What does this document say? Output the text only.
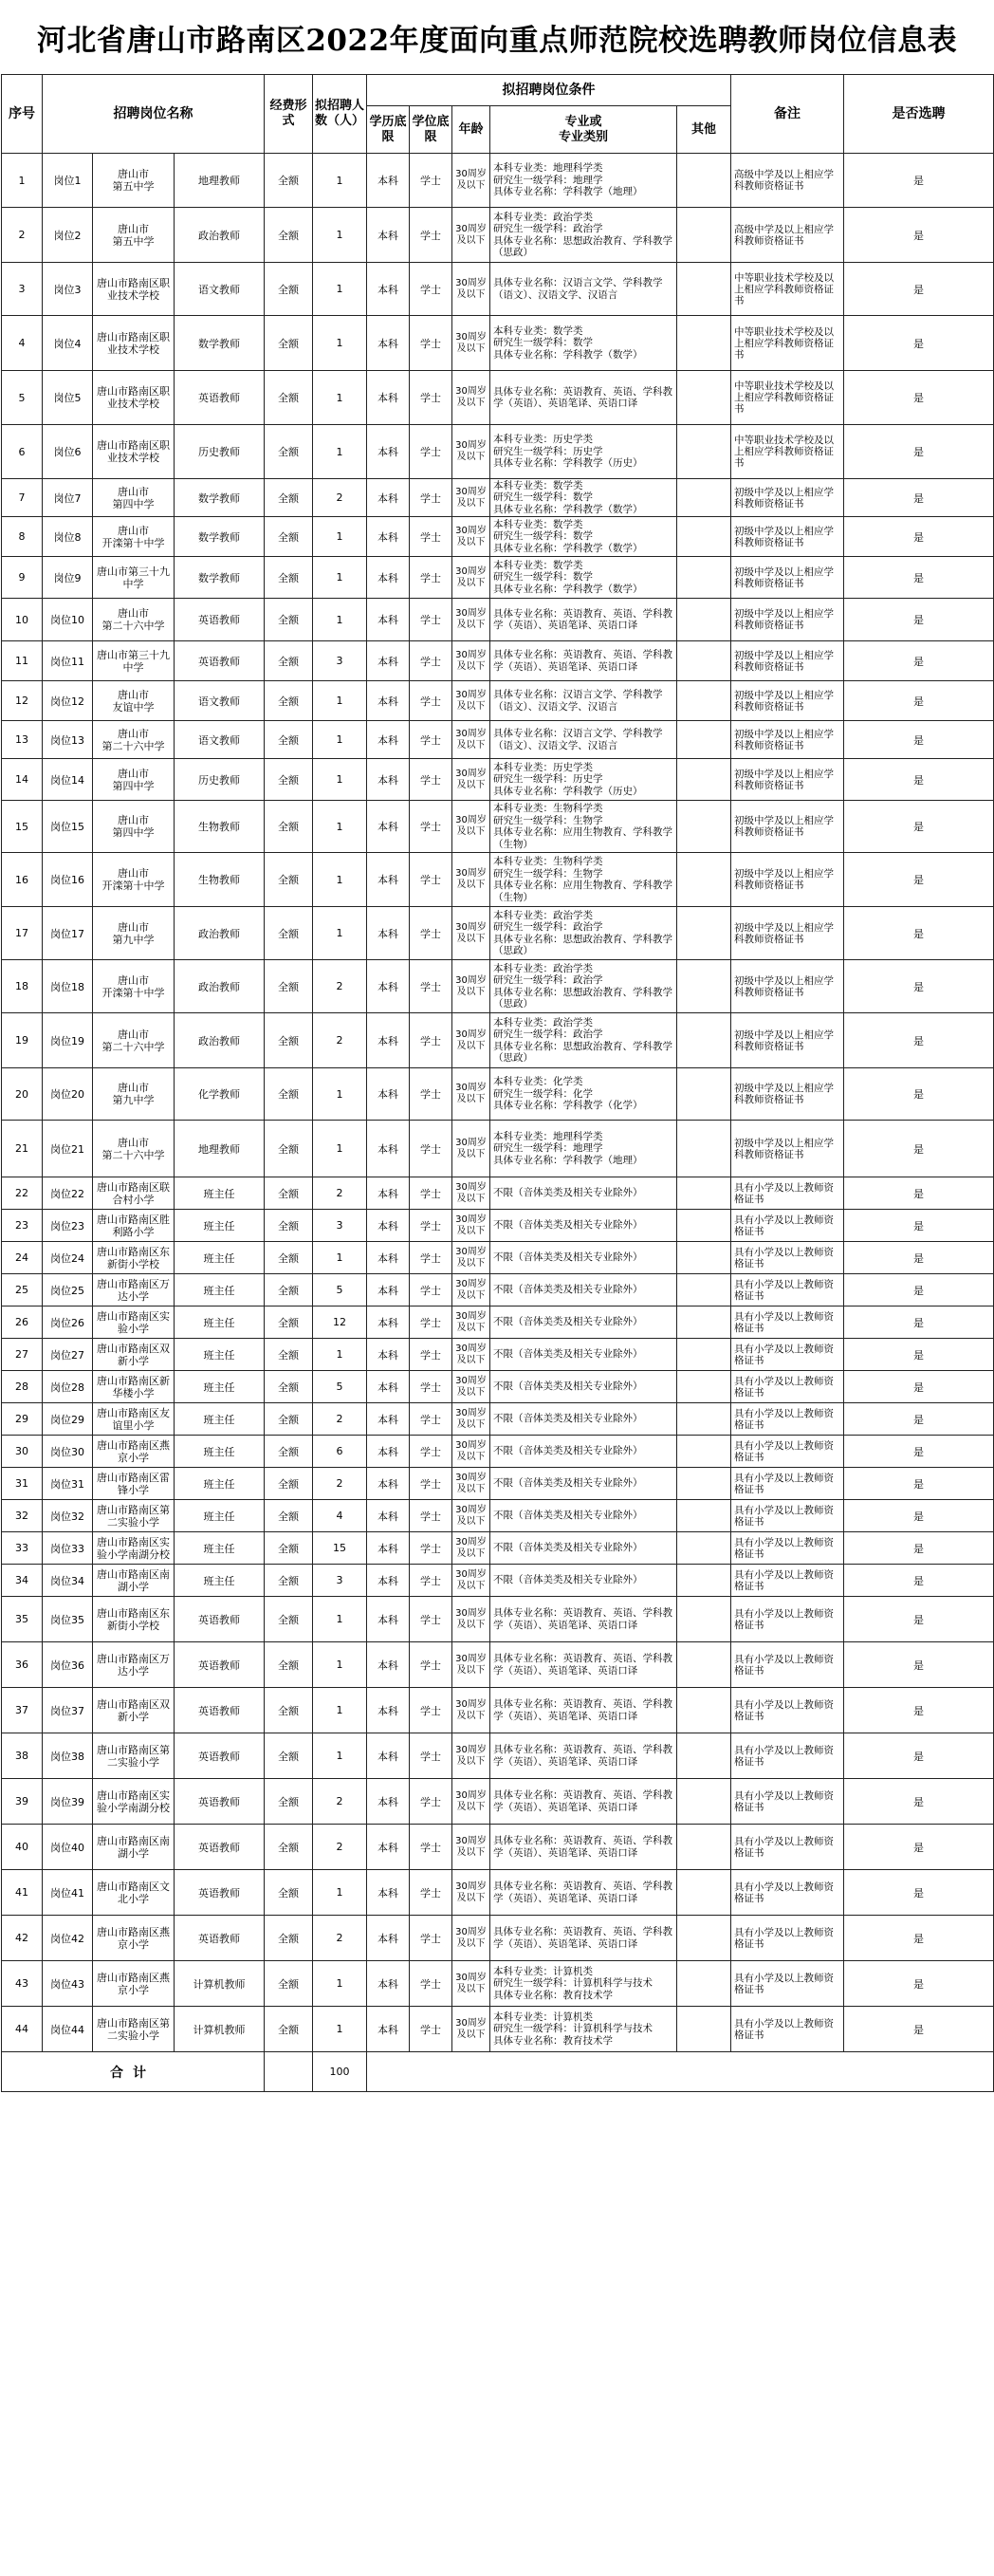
河北省唐山市路南区2022年度面向重点师范院校选聘教师岗位信息表
序号	招聘岗位名称			经费形式	拟招聘人数（人）	拟招聘岗位条件					备注	是否选聘
						学历底限	学位底限	年龄	专业或
专业类别	其他		

1	岗位1	唐山市
第五中学	地理教师	全额	1	本科	学士	30周岁
及以下	本科专业类：地理科学类
研究生一级学科：地理学
具体专业名称：学科教学（地理）		高级中学及以上相应学科教师资格证书	是
2	岗位2	唐山市
第五中学	政治教师	全额	1	本科	学士	30周岁
及以下	本科专业类：政治学类
研究生一级学科：政治学
具体专业名称：思想政治教育、学科教学（思政）		高级中学及以上相应学科教师资格证书	是
3	岗位3	唐山市路南区职业技术学校	语文教师	全额	1	本科	学士	30周岁
及以下	具体专业名称：汉语言文学、学科教学（语文）、汉语文学、汉语言		中等职业技术学校及以上相应学科教师资格证书	是
4	岗位4	唐山市路南区职业技术学校	数学教师	全额	1	本科	学士	30周岁
及以下	本科专业类：数学类
研究生一级学科：数学
具体专业名称：学科教学（数学）		中等职业技术学校及以上相应学科教师资格证书	是
5	岗位5	唐山市路南区职业技术学校	英语教师	全额	1	本科	学士	30周岁
及以下	具体专业名称：英语教育、英语、学科教学（英语）、英语笔译、英语口译		中等职业技术学校及以上相应学科教师资格证书	是
6	岗位6	唐山市路南区职业技术学校	历史教师	全额	1	本科	学士	30周岁
及以下	本科专业类：历史学类
研究生一级学科：历史学
具体专业名称：学科教学（历史）		中等职业技术学校及以上相应学科教师资格证书	是
7	岗位7	唐山市
第四中学	数学教师	全额	2	本科	学士	30周岁
及以下	本科专业类：数学类
研究生一级学科：数学
具体专业名称：学科教学（数学）		初级中学及以上相应学科教师资格证书	是
8	岗位8	唐山市
开滦第十中学	数学教师	全额	1	本科	学士	30周岁
及以下	本科专业类：数学类
研究生一级学科：数学
具体专业名称：学科教学（数学）		初级中学及以上相应学科教师资格证书	是
9	岗位9	唐山市第三十九中学	数学教师	全额	1	本科	学士	30周岁
及以下	本科专业类：数学类
研究生一级学科：数学
具体专业名称：学科教学（数学）		初级中学及以上相应学科教师资格证书	是
10	岗位10	唐山市
第二十六中学	英语教师	全额	1	本科	学士	30周岁
及以下	具体专业名称：英语教育、英语、学科教学（英语）、英语笔译、英语口译		初级中学及以上相应学科教师资格证书	是
11	岗位11	唐山市第三十九中学	英语教师	全额	3	本科	学士	30周岁
及以下	具体专业名称：英语教育、英语、学科教学（英语）、英语笔译、英语口译		初级中学及以上相应学科教师资格证书	是
12	岗位12	唐山市
友谊中学	语文教师	全额	1	本科	学士	30周岁
及以下	具体专业名称：汉语言文学、学科教学（语文）、汉语文学、汉语言		初级中学及以上相应学科教师资格证书	是
13	岗位13	唐山市
第二十六中学	语文教师	全额	1	本科	学士	30周岁
及以下	具体专业名称：汉语言文学、学科教学（语文）、汉语文学、汉语言		初级中学及以上相应学科教师资格证书	是
14	岗位14	唐山市
第四中学	历史教师	全额	1	本科	学士	30周岁
及以下	本科专业类：历史学类
研究生一级学科：历史学
具体专业名称：学科教学（历史）		初级中学及以上相应学科教师资格证书	是
15	岗位15	唐山市
第四中学	生物教师	全额	1	本科	学士	30周岁
及以下	本科专业类：生物科学类
研究生一级学科：生物学
具体专业名称：应用生物教育、学科教学（生物）		初级中学及以上相应学科教师资格证书	是
16	岗位16	唐山市
开滦第十中学	生物教师	全额	1	本科	学士	30周岁
及以下	本科专业类：生物科学类
研究生一级学科：生物学
具体专业名称：应用生物教育、学科教学（生物）		初级中学及以上相应学科教师资格证书	是
17	岗位17	唐山市
第九中学	政治教师	全额	1	本科	学士	30周岁
及以下	本科专业类：政治学类
研究生一级学科：政治学
具体专业名称：思想政治教育、学科教学（思政）		初级中学及以上相应学科教师资格证书	是
18	岗位18	唐山市
开滦第十中学	政治教师	全额	2	本科	学士	30周岁
及以下	本科专业类：政治学类
研究生一级学科：政治学
具体专业名称：思想政治教育、学科教学（思政）		初级中学及以上相应学科教师资格证书	是
19	岗位19	唐山市
第二十六中学	政治教师	全额	2	本科	学士	30周岁
及以下	本科专业类：政治学类
研究生一级学科：政治学
具体专业名称：思想政治教育、学科教学（思政）		初级中学及以上相应学科教师资格证书	是
20	岗位20	唐山市
第九中学	化学教师	全额	1	本科	学士	30周岁
及以下	本科专业类：化学类
研究生一级学科：化学
具体专业名称：学科教学（化学）		初级中学及以上相应学科教师资格证书	是
21	岗位21	唐山市
第二十六中学	地理教师	全额	1	本科	学士	30周岁
及以下	本科专业类：地理科学类
研究生一级学科：地理学
具体专业名称：学科教学（地理）		初级中学及以上相应学科教师资格证书	是
22	岗位22	唐山市路南区联合村小学	班主任	全额	2	本科	学士	30周岁
及以下	不限（音体美类及相关专业除外）		具有小学及以上教师资格证书	是
23	岗位23	唐山市路南区胜利路小学	班主任	全额	3	本科	学士	30周岁
及以下	不限（音体美类及相关专业除外）		具有小学及以上教师资格证书	是
24	岗位24	唐山市路南区东新街小学校	班主任	全额	1	本科	学士	30周岁
及以下	不限（音体美类及相关专业除外）		具有小学及以上教师资格证书	是
25	岗位25	唐山市路南区万达小学	班主任	全额	5	本科	学士	30周岁
及以下	不限（音体美类及相关专业除外）		具有小学及以上教师资格证书	是
26	岗位26	唐山市路南区实验小学	班主任	全额	12	本科	学士	30周岁
及以下	不限（音体美类及相关专业除外）		具有小学及以上教师资格证书	是
27	岗位27	唐山市路南区双新小学	班主任	全额	1	本科	学士	30周岁
及以下	不限（音体美类及相关专业除外）		具有小学及以上教师资格证书	是
28	岗位28	唐山市路南区新华楼小学	班主任	全额	5	本科	学士	30周岁
及以下	不限（音体美类及相关专业除外）		具有小学及以上教师资格证书	是
29	岗位29	唐山市路南区友谊里小学	班主任	全额	2	本科	学士	30周岁
及以下	不限（音体美类及相关专业除外）		具有小学及以上教师资格证书	是
30	岗位30	唐山市路南区燕京小学	班主任	全额	6	本科	学士	30周岁
及以下	不限（音体美类及相关专业除外）		具有小学及以上教师资格证书	是
31	岗位31	唐山市路南区雷锋小学	班主任	全额	2	本科	学士	30周岁
及以下	不限（音体美类及相关专业除外）		具有小学及以上教师资格证书	是
32	岗位32	唐山市路南区第二实验小学	班主任	全额	4	本科	学士	30周岁
及以下	不限（音体美类及相关专业除外）		具有小学及以上教师资格证书	是
33	岗位33	唐山市路南区实验小学南湖分校	班主任	全额	15	本科	学士	30周岁
及以下	不限（音体美类及相关专业除外）		具有小学及以上教师资格证书	是
34	岗位34	唐山市路南区南湖小学	班主任	全额	3	本科	学士	30周岁
及以下	不限（音体美类及相关专业除外）		具有小学及以上教师资格证书	是
35	岗位35	唐山市路南区东新街小学校	英语教师	全额	1	本科	学士	30周岁
及以下	具体专业名称：英语教育、英语、学科教学（英语）、英语笔译、英语口译		具有小学及以上教师资格证书	是
36	岗位36	唐山市路南区万达小学	英语教师	全额	1	本科	学士	30周岁
及以下	具体专业名称：英语教育、英语、学科教学（英语）、英语笔译、英语口译		具有小学及以上教师资格证书	是
37	岗位37	唐山市路南区双新小学	英语教师	全额	1	本科	学士	30周岁
及以下	具体专业名称：英语教育、英语、学科教学（英语）、英语笔译、英语口译		具有小学及以上教师资格证书	是
38	岗位38	唐山市路南区第二实验小学	英语教师	全额	1	本科	学士	30周岁
及以下	具体专业名称：英语教育、英语、学科教学（英语）、英语笔译、英语口译		具有小学及以上教师资格证书	是
39	岗位39	唐山市路南区实验小学南湖分校	英语教师	全额	2	本科	学士	30周岁
及以下	具体专业名称：英语教育、英语、学科教学（英语）、英语笔译、英语口译		具有小学及以上教师资格证书	是
40	岗位40	唐山市路南区南湖小学	英语教师	全额	2	本科	学士	30周岁
及以下	具体专业名称：英语教育、英语、学科教学（英语）、英语笔译、英语口译		具有小学及以上教师资格证书	是
41	岗位41	唐山市路南区文北小学	英语教师	全额	1	本科	学士	30周岁
及以下	具体专业名称：英语教育、英语、学科教学（英语）、英语笔译、英语口译		具有小学及以上教师资格证书	是
42	岗位42	唐山市路南区燕京小学	英语教师	全额	2	本科	学士	30周岁
及以下	具体专业名称：英语教育、英语、学科教学（英语）、英语笔译、英语口译		具有小学及以上教师资格证书	是
43	岗位43	唐山市路南区燕京小学	计算机教师	全额	1	本科	学士	30周岁
及以下	本科专业类：计算机类
研究生一级学科：计算机科学与技术
具体专业名称：教育技术学		具有小学及以上教师资格证书	是
44	岗位44	唐山市路南区第二实验小学	计算机教师	全额	1	本科	学士	30周岁
及以下	本科专业类：计算机类
研究生一级学科：计算机科学与技术
具体专业名称：教育技术学		具有小学及以上教师资格证书	是
合计					100							
